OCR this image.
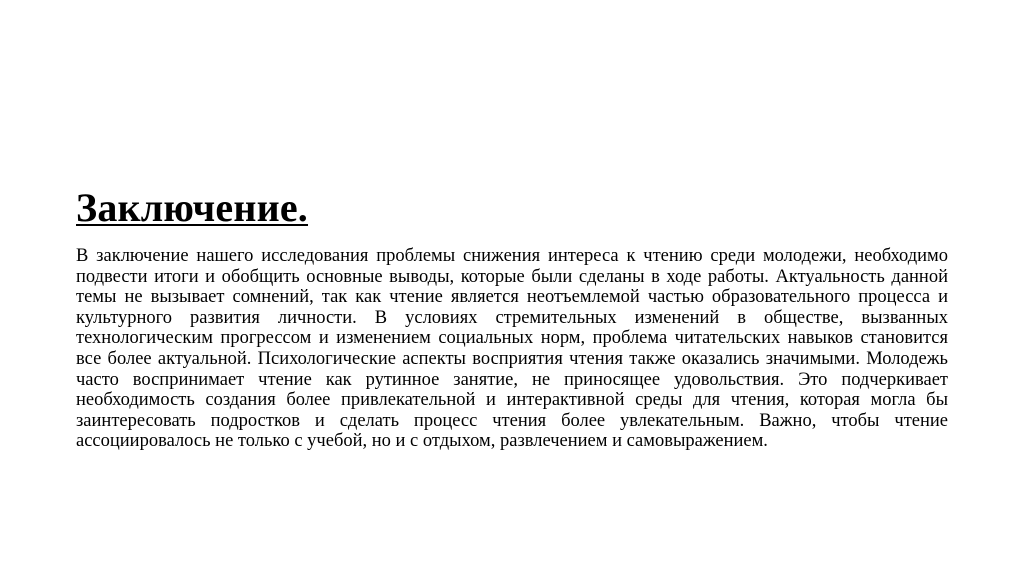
Заключение.

В заключение нашего исследования проблемы снижения интереса к чтению среди молодежи, необходимо подвести итоги и обобщить основные выводы, которые были сделаны в ходе работы. Актуальность данной темы не вызывает сомнений, так как чтение является неотъемлемой частью образовательного процесса и культурного развития личности. В условиях стремительных изменений в обществе, вызванных технологическим прогрессом и изменением социальных норм, проблема читательских навыков становится все более актуальной. Психологические аспекты восприятия чтения также оказались значимыми. Молодежь часто воспринимает чтение как рутинное занятие, не приносящее удовольствия. Это подчеркивает необходимость создания более привлекательной и интерактивной среды для чтения, которая могла бы заинтересовать подростков и сделать процесс чтения более увлекательным. Важно, чтобы чтение ассоциировалось не только с учебой, но и с отдыхом, развлечением и самовыражением.
